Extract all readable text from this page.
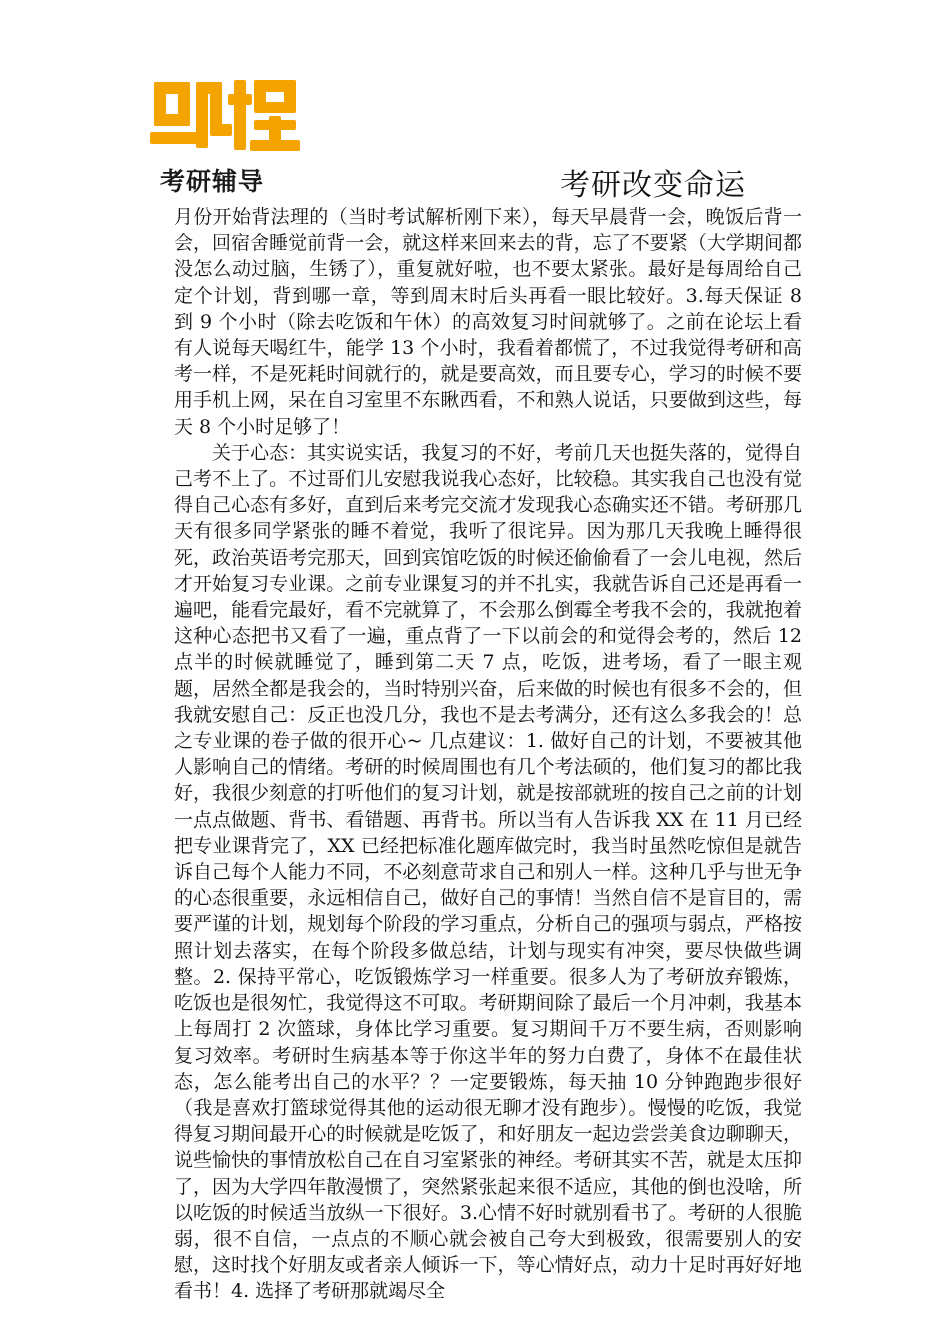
考研辅导	考研改变命运

月份开始背法理的（当时考试解析刚下来），每天早晨背一会，晚饭后背一会，回宿舍睡觉前背一会，就这样来回来去的背，忘了不要紧（大学期间都没怎么动过脑，生锈了），重复就好啦，也不要太紧张。最好是每周给自己定个计划，背到哪一章，等到周末时后头再看一眼比较好。3.每天保证 8 到 9 个小时（除去吃饭和午休）的高效复习时间就够了。之前在论坛上看有人说每天喝红牛，能学 13 个小时，我看着都慌了，不过我觉得考研和高考一样，不是死耗时间就行的，就是要高效，而且要专心，学习的时候不要用手机上网，呆在自习室里不东瞅西看，不和熟人说话，只要做到这些，每天 8 个小时足够了！

关于心态：其实说实话，我复习的不好，考前几天也挺失落的，觉得自己考不上了。不过哥们儿安慰我说我心态好，比较稳。其实我自己也没有觉得自己心态有多好，直到后来考完交流才发现我心态确实还不错。考研那几天有很多同学紧张的睡不着觉，我听了很诧异。因为那几天我晚上睡得很死，政治英语考完那天，回到宾馆吃饭的时候还偷偷看了一会儿电视，然后才开始复习专业课。之前专业课复习的并不扎实，我就告诉自己还是再看一遍吧，能看完最好，看不完就算了，不会那么倒霉全考我不会的，我就抱着这种心态把书又看了一遍，重点背了一下以前会的和觉得会考的，然后 12 点半的时候就睡觉了，睡到第二天 7 点，吃饭，进考场，看了一眼主观题，居然全都是我会的，当时特别兴奋，后来做的时候也有很多不会的，但我就安慰自己：反正也没几分，我也不是去考满分，还有这么多我会的！总之专业课的卷子做的很开心~ 几点建议：1. 做好自己的计划，不要被其他人影响自己的情绪。考研的时候周围也有几个考法硕的，他们复习的都比我好，我很少刻意的打听他们的复习计划，就是按部就班的按自己之前的计划一点点做题、背书、看错题、再背书。所以当有人告诉我 XX 在 11 月已经把专业课背完了，XX 已经把标准化题库做完时，我当时虽然吃惊但是就告诉自己每个人能力不同，不必刻意苛求自己和别人一样。这种几乎与世无争的心态很重要，永远相信自己，做好自己的事情！当然自信不是盲目的，需要严谨的计划，规划每个阶段的学习重点，分析自己的强项与弱点，严格按照计划去落实，在每个阶段多做总结，计划与现实有冲突，要尽快做些调整。2. 保持平常心，吃饭锻炼学习一样重要。很多人为了考研放弃锻炼，吃饭也是很匆忙，我觉得这不可取。考研期间除了最后一个月冲刺，我基本上每周打 2 次篮球，身体比学习重要。复习期间千万不要生病，否则影响复习效率。考研时生病基本等于你这半年的努力白费了，身体不在最佳状态，怎么能考出自己的水平？？一定要锻炼，每天抽 10 分钟跑跑步很好（我是喜欢打篮球觉得其他的运动很无聊才没有跑步）。慢慢的吃饭，我觉得复习期间最开心的时候就是吃饭了，和好朋友一起边尝尝美食边聊聊天，说些愉快的事情放松自己在自习室紧张的神经。考研其实不苦，就是太压抑了，因为大学四年散漫惯了，突然紧张起来很不适应，其他的倒也没啥，所以吃饭的时候适当放纵一下很好。3.心情不好时就别看书了。考研的人很脆弱，很不自信，一点点的不顺心就会被自己夸大到极致，很需要别人的安慰，这时找个好朋友或者亲人倾诉一下，等心情好点，动力十足时再好好地看书！4. 选择了考研那就竭尽全
